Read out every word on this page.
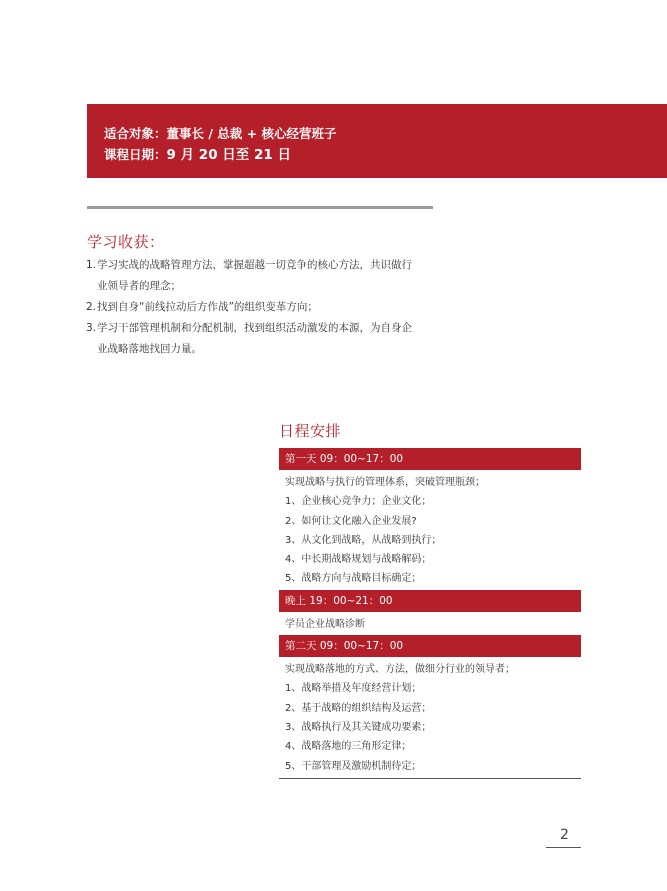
适合对象：董事长 / 总裁 + 核心经营班子
课程日期：9 月 20 日至 21 日
学习收获：
1. 学习实战的战略管理方法，掌握超越一切竞争的核心方法，共识做行
业领导者的理念；
2. 找到自身“前线拉动后方作战”的组织变革方向；
3. 学习干部管理机制和分配机制，找到组织活动激发的本源，为自身企
业战略落地找回力量。
日程安排
第一天 09：00~17：00
实现战略与执行的管理体系，突破管理瓶颈；
1、企业核心竞争力；企业文化；
2、如何让文化融入企业发展?
3、从文化到战略，从战略到执行；
4、中长期战略规划与战略解码；
5、战略方向与战略目标确定；
晚上 19：00~21：00
学员企业战略诊断
第二天 09：00~17：00
实现战略落地的方式、方法，做细分行业的领导者；
1、战略举措及年度经营计划；
2、基于战略的组织结构及运营；
3、战略执行及其关键成功要素；
4、战略落地的三角形定律；
5、干部管理及激励机制待定；
2
